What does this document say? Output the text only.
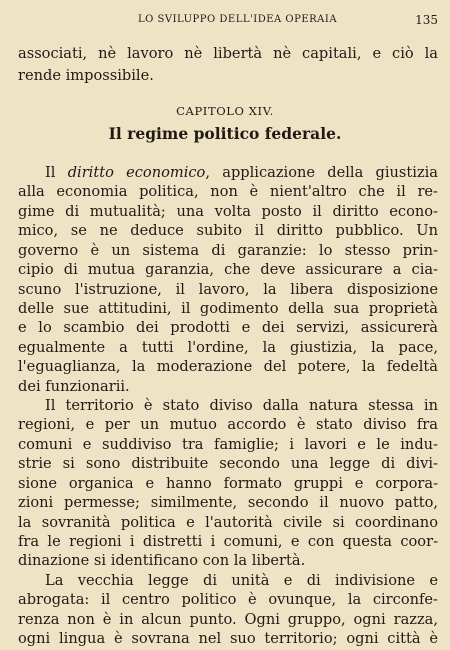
LO SVILUPPO DELL'IDEA OPERAIA	135
associati, nè lavoro nè libertà nè capitali, e ciò la
rende impossibile.
CAPITOLO XIV.
Il regime politico federale.
Il diritto economico, applicazione della giustizia
alla economia politica, non è nient'altro che il re-
gime di mutualità; una volta posto il diritto econo-
mico, se ne deduce subito il diritto pubblico. Un
governo è un sistema di garanzie: lo stesso prin-
cipio di mutua garanzia, che deve assicurare a cia-
scuno l'istruzione, il lavoro, la libera disposizione
delle sue attitudini, il godimento della sua proprietà
e lo scambio dei prodotti e dei servizi, assicurerà
egualmente a tutti l'ordine, la giustizia, la pace,
l'eguaglianza, la moderazione del potere, la fedeltà
dei funzionarii.
Il territorio è stato diviso dalla natura stessa in
regioni, e per un mutuo accordo è stato diviso fra
comuni e suddiviso tra famiglie; i lavori e le indu-
strie si sono distribuite secondo una legge di divi-
sione organica e hanno formato gruppi e corpora-
zioni permesse; similmente, secondo il nuovo patto,
la sovranità politica e l'autorità civile si coordinano
fra le regioni i distretti i comuni, e con questa coor-
dinazione si identificano con la libertà.
La vecchia legge di unità e di indivisione e
abrogata: il centro politico è ovunque, la circonfe-
renza non è in alcun punto. Ogni gruppo, ogni razza,
ogni lingua è sovrana nel suo territorio; ogni città è
